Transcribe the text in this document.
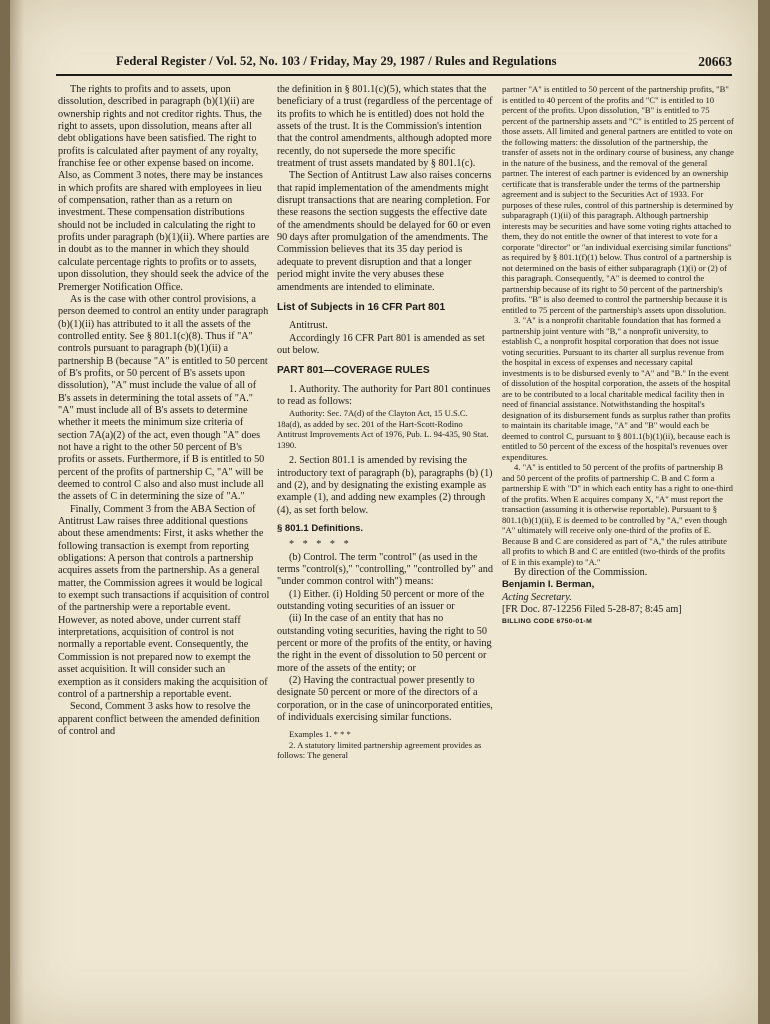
Federal Register / Vol. 52, No. 103 / Friday, May 29, 1987 / Rules and Regulations	20663

The rights to profits and to assets, upon dissolution, described in paragraph (b)(1)(ii) are ownership rights and not creditor rights. Thus, the right to assets, upon dissolution, means after all debt obligations have been satisfied. The right to profits is calculated after payment of any royalty, franchise fee or other expense based on income. Also, as Comment 3 notes, there may be instances in which profits are shared with employees in lieu of compensation, rather than as a return on investment. These compensation distributions should not be included in calculating the right to profits under paragraph (b)(1)(ii). Where parties are in doubt as to the manner in which they should calculate percentage rights to profits or to assets, upon dissolution, they should seek the advice of the Premerger Notification Office.

As is the case with other control provisions, a person deemed to control an entity under paragraph (b)(1)(ii) has attributed to it all the assets of the controlled entity. See § 801.1(c)(8). Thus if "A" controls pursuant to paragraph (b)(1)(ii) a partnership B (because "A" is entitled to 50 percent of B's profits, or 50 percent of B's assets upon dissolution), "A" must include the value of all of B's assets in determining the total assets of "A." "A" must include all of B's assets to determine whether it meets the minimum size criteria of section 7A(a)(2) of the act, even though "A" does not have a right to the other 50 percent of B's profits or assets. Furthermore, if B is entitled to 50 percent of the profits of partnership C, "A" will be deemed to control C also and also must include all the assets of C in determining the size of "A."

Finally, Comment 3 from the ABA Section of Antitrust Law raises three additional questions about these amendments: First, it asks whether the following transaction is exempt from reporting obligations: A person that controls a partnership acquires assets from the partnership. As a general matter, the Commission agrees it would be logical to exempt such transactions if acquisition of control of the partnership were a reportable event. However, as noted above, under current staff interpretations, acquisition of control is not normally a reportable event. Consequently, the Commission is not prepared now to exempt the asset acquisition. It will consider such an exemption as it considers making the acquisition of control of a partnership a reportable event.

Second, Comment 3 asks how to resolve the apparent conflict between the amended definition of control and

the definition in § 801.1(c)(5), which states that the beneficiary of a trust (regardless of the percentage of its profits to which he is entitled) does not hold the assets of the trust. It is the Commission's intention that the control amendments, although adopted more recently, do not supersede the more specific treatment of trust assets mandated by § 801.1(c).

The Section of Antitrust Law also raises concerns that rapid implementation of the amendments might disrupt transactions that are nearing completion. For these reasons the section suggests the effective date of the amendments should be delayed for 60 or even 90 days after promulgation of the amendments. The Commission believes that its 35 day period is adequate to prevent disruption and that a longer period might invite the very abuses these amendments are intended to eliminate.

List of Subjects in 16 CFR Part 801

Antitrust.

Accordingly 16 CFR Part 801 is amended as set out below.

PART 801—COVERAGE RULES

1. Authority. The authority for Part 801 continues to read as follows:

Authority: Sec. 7A(d) of the Clayton Act, 15 U.S.C. 18a(d), as added by sec. 201 of the Hart-Scott-Rodino Antitrust Improvements Act of 1976, Pub. L. 94-435, 90 Stat. 1390.

2. Section 801.1 is amended by revising the introductory text of paragraph (b), paragraphs (b) (1) and (2), and by designating the existing example as example (1), and adding new examples (2) through (4), as set forth below.

§ 801.1 Definitions.

* * * * *

(b) Control. The term "control" (as used in the terms "control(s)," "controlling," "controlled by" and "under common control with") means:

(1) Either. (i) Holding 50 percent or more of the outstanding voting securities of an issuer or

(ii) In the case of an entity that has no outstanding voting securities, having the right to 50 percent or more of the profits of the entity, or having the right in the event of dissolution to 50 percent or more of the assets of the entity; or

(2) Having the contractual power presently to designate 50 percent or more of the directors of a corporation, or in the case of unincorporated entities, of individuals exercising similar functions.

Examples 1. * * *

2. A statutory limited partnership agreement provides as follows: The general

partner "A" is entitled to 50 percent of the partnership profits, "B" is entitled to 40 percent of the profits and "C" is entitled to 10 percent of the profits. Upon dissolution, "B" is entitled to 75 percent of the partnership assets and "C" is entitled to 25 percent of those assets. All limited and general partners are entitled to vote on the following matters: the dissolution of the partnership, the transfer of assets not in the ordinary course of business, any change in the nature of the business, and the removal of the general partner. The interest of each partner is evidenced by an ownership certificate that is transferable under the terms of the partnership agreement and is subject to the Securities Act of 1933. For purposes of these rules, control of this partnership is determined by subparagraph (1)(ii) of this paragraph. Although partnership interests may be securities and have some voting rights attached to them, they do not entitle the owner of that interest to vote for a corporate "director" or "an individual exercising similar functions" as required by § 801.1(f)(1) below. Thus control of a partnership is not determined on the basis of either subparagraph (1)(i) or (2) of this paragraph. Consequently, "A" is deemed to control the partnership because of its right to 50 percent of the partnership's profits. "B" is also deemed to control the partnership because it is entitled to 75 percent of the partnership's assets upon dissolution.

3. "A" is a nonprofit charitable foundation that has formed a partnership joint venture with "B," a nonprofit university, to establish C, a nonprofit hospital corporation that does not issue voting securities. Pursuant to its charter all surplus revenue from the hospital in excess of expenses and necessary capital investments is to be disbursed evenly to "A" and "B." In the event of dissolution of the hospital corporation, the assets of the hospital are to be contributed to a local charitable medical facility then in need of financial assistance. Notwithstanding the hospital's designation of its disbursement funds as surplus rather than profits to maintain its charitable image, "A" and "B" would each be deemed to control C, pursuant to § 801.1(b)(1)(ii), because each is entitled to 50 percent of the excess of the hospital's revenues over expenditures.

4. "A" is entitled to 50 percent of the profits of partnership B and 50 percent of the profits of partnership C. B and C form a partnership E with "D" in which each entity has a right to one-third of the profits. When E acquires company X, "A" must report the transaction (assuming it is otherwise reportable). Pursuant to § 801.1(b)(1)(ii), E is deemed to be controlled by "A," even though "A" ultimately will receive only one-third of the profits of E. Because B and C are considered as part of "A," the rules attribute all profits to which B and C are entitled (two-thirds of the profits of E in this example) to "A."

By direction of the Commission.

Benjamin I. Berman,

Acting Secretary.

[FR Doc. 87-12256 Filed 5-28-87; 8:45 am]

BILLING CODE 6750-01-M
